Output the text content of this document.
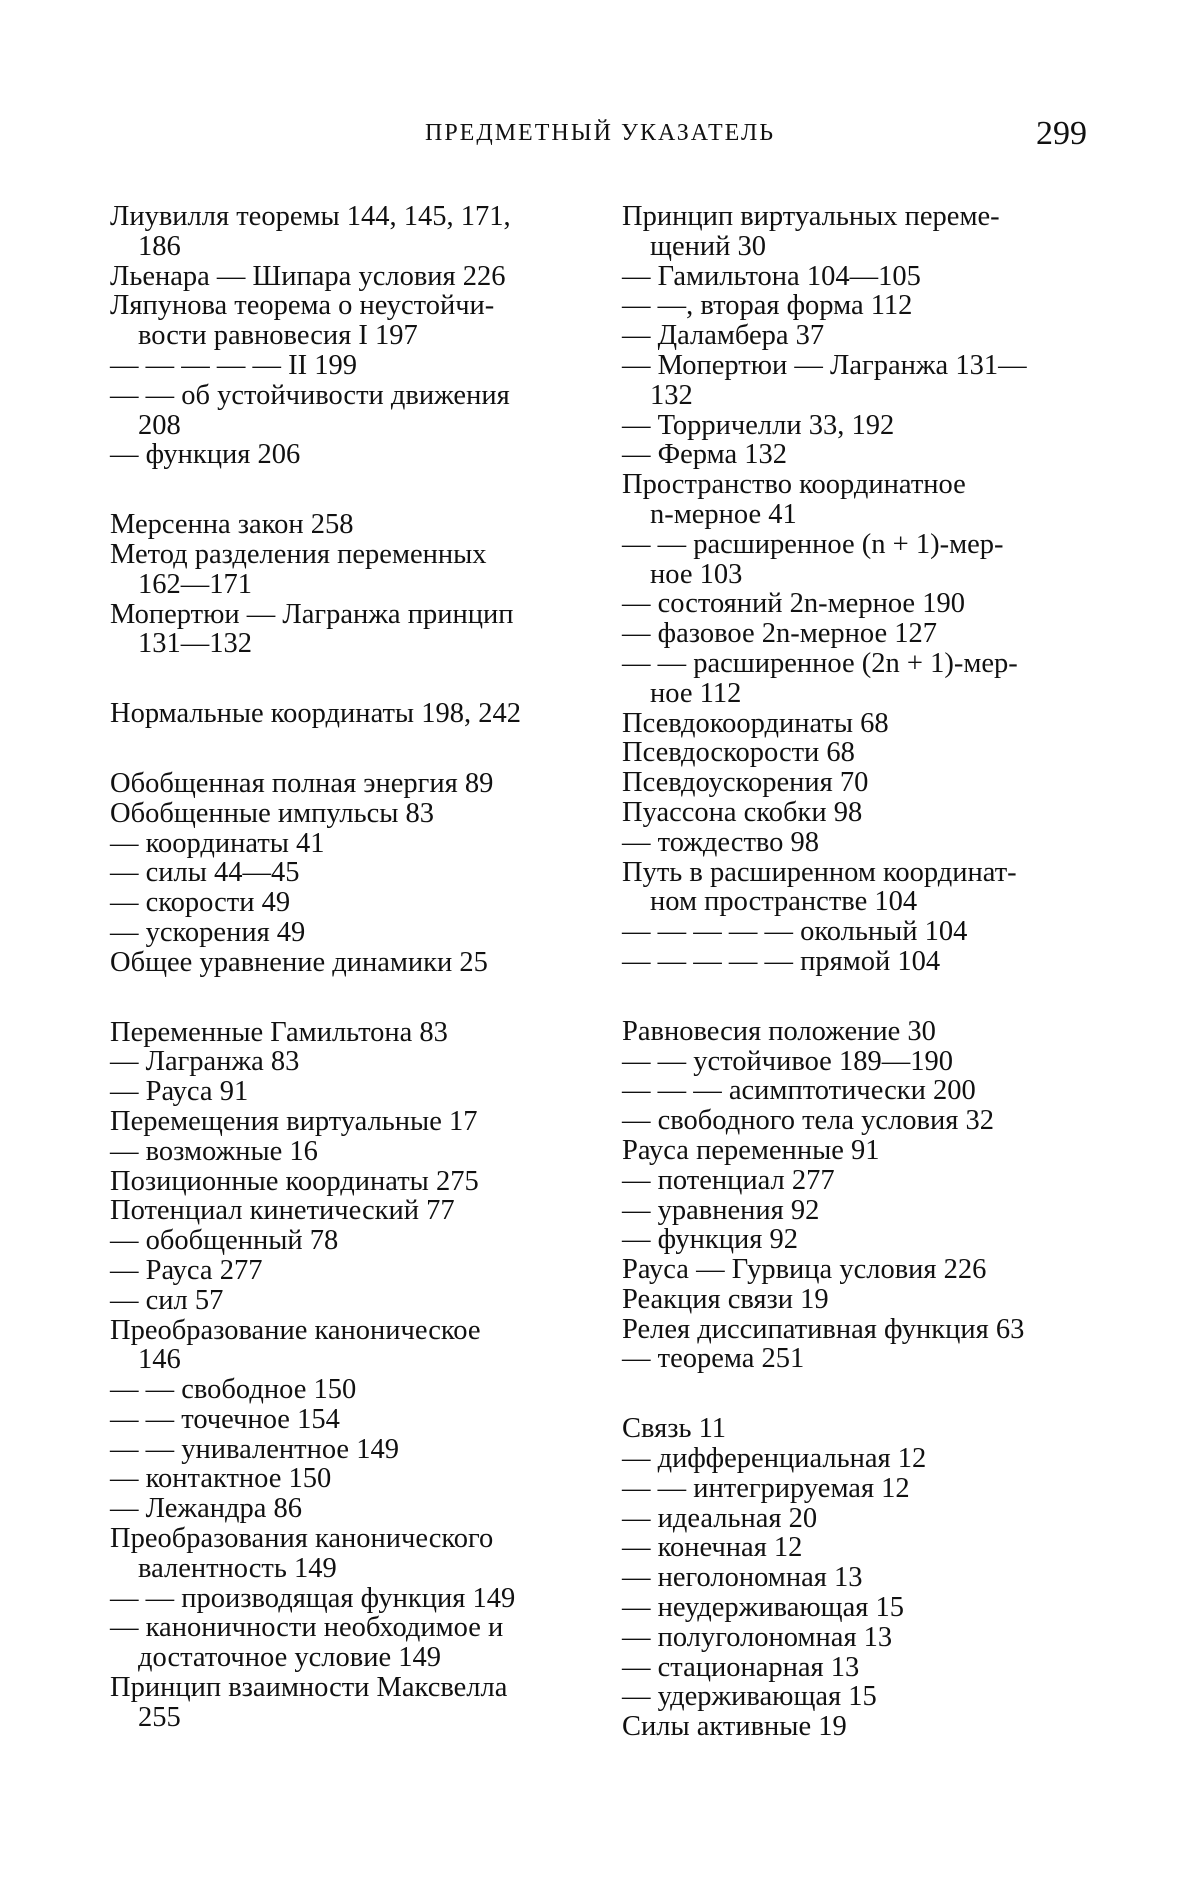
ПРЕДМЕТНЫЙ УКАЗАТЕЛЬ	299
Лиувилля теоремы 144, 145, 171,
186
Льенара — Шипара условия 226
Ляпунова теорема о неустойчи-
вости равновесия I 197
— — — — — II 199
— — об устойчивости движения
208
— функция 206
Мерсенна закон 258
Метод разделения переменных
162—171
Мопертюи — Лагранжа принцип
131—132
Нормальные координаты 198, 242
Обобщенная полная энергия 89
Обобщенные импульсы 83
— координаты 41
— силы 44—45
— скорости 49
— ускорения 49
Общее уравнение динамики 25
Переменные Гамильтона 83
— Лагранжа 83
— Рауса 91
Перемещения виртуальные 17
— возможные 16
Позиционные координаты 275
Потенциал кинетический 77
— обобщенный 78
— Рауса 277
— сил 57
Преобразование каноническое
146
— — свободное 150
— — точечное 154
— — унивалентное 149
— контактное 150
— Лежандра 86
Преобразования канонического
валентность 149
— — производящая функция 149
— каноничности необходимое и
достаточное условие 149
Принцип взаимности Максвелла
255
Принцип виртуальных переме-
щений 30
— Гамильтона 104—105
— —, вторая форма 112
— Даламбера 37
— Мопертюи — Лагранжа 131—
132
— Торричелли 33, 192
— Ферма 132
Пространство координатное
n-мерное 41
— — расширенное (n + 1)-мер-
ное 103
— состояний 2n-мерное 190
— фазовое 2n-мерное 127
— — расширенное (2n + 1)-мер-
ное 112
Псевдокоординаты 68
Псевдоскорости 68
Псевдоускорения 70
Пуассона скобки 98
— тождество 98
Путь в расширенном координат-
ном пространстве 104
— — — — — окольный 104
— — — — — прямой 104
Равновесия положение 30
— — устойчивое 189—190
— — — асимптотически 200
— свободного тела условия 32
Рауса переменные 91
— потенциал 277
— уравнения 92
— функция 92
Рауса — Гурвица условия 226
Реакция связи 19
Релея диссипативная функция 63
— теорема 251
Связь 11
— дифференциальная 12
— — интегрируемая 12
— идеальная 20
— конечная 12
— неголономная 13
— неудерживающая 15
— полуголономная 13
— стационарная 13
— удерживающая 15
Силы активные 19
